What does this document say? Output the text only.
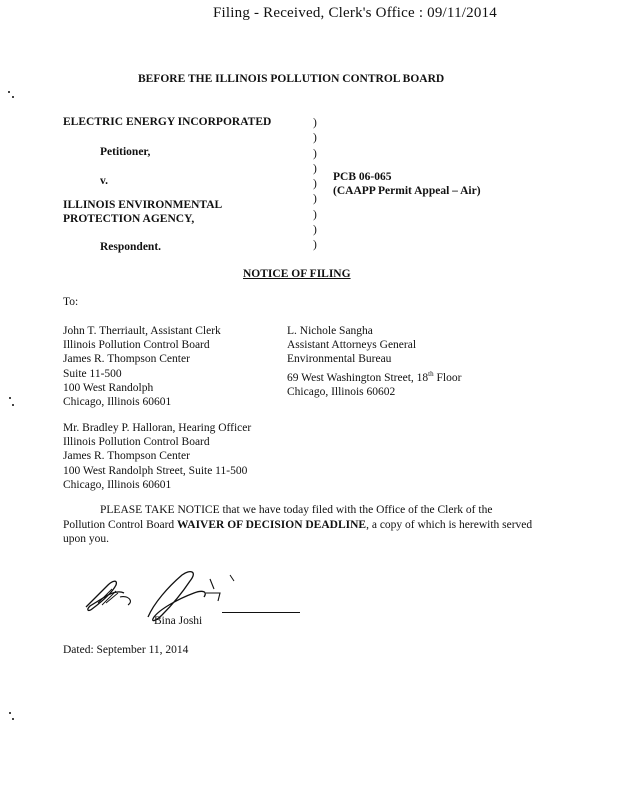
Filing - Received, Clerk's Office : 09/11/2014
BEFORE THE ILLINOIS POLLUTION CONTROL BOARD
ELECTRIC ENERGY INCORPORATED
Petitioner,
v.
ILLINOIS ENVIRONMENTAL
PROTECTION AGENCY,
Respondent.
)
)
)
)
)
)
)
)
)
PCB 06-065
(CAAPP Permit Appeal – Air)
NOTICE OF FILING
To:
John T. Therriault, Assistant Clerk
Illinois Pollution Control Board
James R. Thompson Center
Suite 11-500
100 West Randolph
Chicago, Illinois 60601
L. Nichole Sangha
Assistant Attorneys General
Environmental Bureau
69 West Washington Street, 18th Floor
Chicago, Illinois 60602
Mr. Bradley P. Halloran, Hearing Officer
Illinois Pollution Control Board
James R. Thompson Center
100 West Randolph Street, Suite 11-500
Chicago, Illinois 60601
PLEASE TAKE NOTICE that we have today filed with the Office of the Clerk of the Pollution Control Board WAIVER OF DECISION DEADLINE, a copy of which is herewith served upon you.
Bina Joshi
Dated: September 11, 2014
